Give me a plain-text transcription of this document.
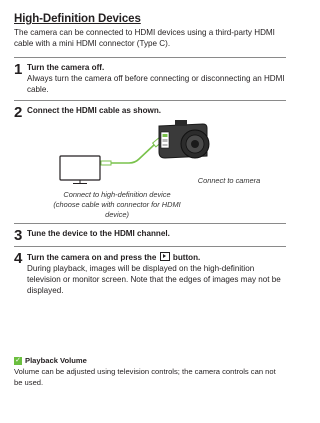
High-Definition Devices
The camera can be connected to HDMI devices using a third-party HDMI cable with a mini HDMI connector (Type C).
1 Turn the camera off.
Always turn the camera off before connecting or disconnecting an HDMI cable.
2 Connect the HDMI cable as shown.
Connect to high-definition device (choose cable with connector for HDMI device)
Connect to camera
3 Tune the device to the HDMI channel.
4 Turn the camera on and press the button.
During playback, images will be displayed on the high-definition television or monitor screen. Note that the edges of images may not be displayed.
✓ Playback Volume
Volume can be adjusted using television controls; the camera controls can not be used.
